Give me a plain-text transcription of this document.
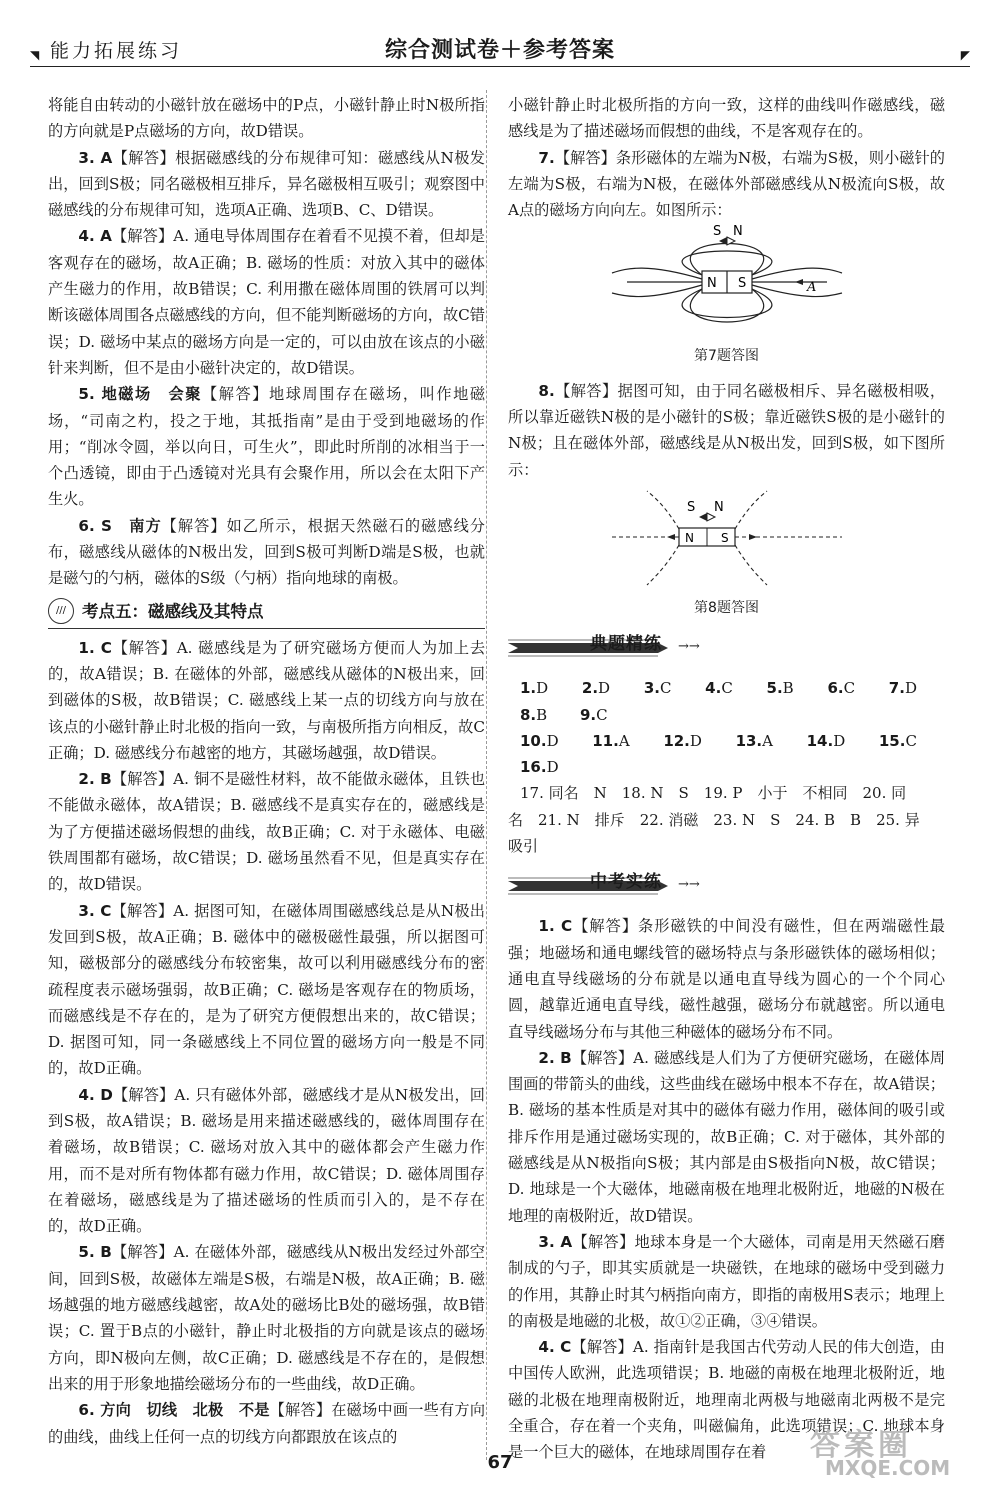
◥ 能力拓展练习	综合测试卷＋参考答案	◤

将能自由转动的小磁针放在磁场中的P点，小磁针静止时N极所指的方向就是P点磁场的方向，故D错误。

3. A【解答】根据磁感线的分布规律可知：磁感线从N极发出，回到S极；同名磁极相互排斥，异名磁极相互吸引；观察图中磁感线的分布规律可知，选项A正确、选项B、C、D错误。

4. A【解答】A. 通电导体周围存在着看不见摸不着，但却是客观存在的磁场，故A正确；B. 磁场的性质：对放入其中的磁体产生磁力的作用，故B错误；C. 利用撒在磁体周围的铁屑可以判断该磁体周围各点磁感线的方向，但不能判断磁场的方向，故C错误；D. 磁场中某点的磁场方向是一定的，可以由放在该点的小磁针来判断，但不是由小磁针决定的，故D错误。

5. 地磁场　会聚【解答】地球周围存在磁场，叫作地磁场，“司南之杓，投之于地，其抵指南”是由于受到地磁场的作用；“削冰令圆，举以向日，可生火”，即此时所削的冰相当于一个凸透镜，即由于凸透镜对光具有会聚作用，所以会在太阳下产生火。

6. S　南方【解答】如乙所示，根据天然磁石的磁感线分布，磁感线从磁体的N极出发，回到S极可判断D端是S极，也就是磁勺的勺柄，磁体的S级（勺柄）指向地球的南极。

/// 考点五：磁感线及其特点

1. C【解答】A. 磁感线是为了研究磁场方便而人为加上去的，故A错误；B. 在磁体的外部，磁感线从磁体的N极出来，回到磁体的S极，故B错误；C. 磁感线上某一点的切线方向与放在该点的小磁针静止时北极的指向一致，与南极所指方向相反，故C正确；D. 磁感线分布越密的地方，其磁场越强，故D错误。

2. B【解答】A. 铜不是磁性材料，故不能做永磁体，且铁也不能做永磁体，故A错误；B. 磁感线不是真实存在的，磁感线是为了方便描述磁场假想的曲线，故B正确；C. 对于永磁体、电磁铁周围都有磁场，故C错误；D. 磁场虽然看不见，但是真实存在的，故D错误。

3. C【解答】A. 据图可知，在磁体周围磁感线总是从N极出发回到S极，故A正确；B. 磁体中的磁极磁性最强，所以据图可知，磁极部分的磁感线分布较密集，故可以利用磁感线分布的密疏程度表示磁场强弱，故B正确；C. 磁场是客观存在的物质场，而磁感线是不存在的，是为了研究方便假想出来的，故C错误；D. 据图可知，同一条磁感线上不同位置的磁场方向一般是不同的，故D正确。

4. D【解答】A. 只有磁体外部，磁感线才是从N极发出，回到S极，故A错误；B. 磁场是用来描述磁感线的，磁体周围存在着磁场，故B错误；C. 磁场对放入其中的磁体都会产生磁力作用，而不是对所有物体都有磁力作用，故C错误；D. 磁体周围存在着磁场，磁感线是为了描述磁场的性质而引入的，是不存在的，故D正确。

5. B【解答】A. 在磁体外部，磁感线从N极出发经过外部空间，回到S极，故磁体左端是S极，右端是N极，故A正确；B. 磁场越强的地方磁感线越密，故A处的磁场比B处的磁场强，故B错误；C. 置于B点的小磁针，静止时北极指的方向就是该点的磁场方向，即N极向左侧，故C正确；D. 磁感线是不存在的，是假想出来的用于形象地描绘磁场分布的一些曲线，故D正确。

6. 方向　切线　北极　不是【解答】在磁场中画一些有方向的曲线，曲线上任何一点的切线方向都跟放在该点的

小磁针静止时北极所指的方向一致，这样的曲线叫作磁感线，磁感线是为了描述磁场而假想的曲线，不是客观存在的。

7.【解答】条形磁体的左端为N极，右端为S极，则小磁针的左端为S极，右端为N极，在磁体外部磁感线从N极流向S极，故A点的磁场方向向左。如图所示：

S N
N S	A
第7题答图

8.【解答】据图可知，由于同名磁极相斥、异名磁极相吸，所以靠近磁铁N极的是小磁针的S极；靠近磁铁S极的是小磁针的N极；且在磁体外部，磁感线是从N极出发，回到S极，如下图所示：

S N
N S
第8题答图
典题精练 →→
1.D 2.D 3.C 4.C 5.B 6.C 7.D 8.B 9.C
10.D 11.A 12.D 13.A 14.D 15.C 16.D
17. 同名　N　18. N　S　19. P　小于　不相同　20. 同
名　21. N　排斥　22. 消磁　23. N　S　24. B　B　25. 异
吸引
中考实练 →→

1. C【解答】条形磁铁的中间没有磁性，但在两端磁性最强；地磁场和通电螺线管的磁场特点与条形磁铁体的磁场相似；通电直导线磁场的分布就是以通电直导线为圆心的一个个同心圆，越靠近通电直导线，磁性越强，磁场分布就越密。所以通电直导线磁场分布与其他三种磁体的磁场分布不同。

2. B【解答】A. 磁感线是人们为了方便研究磁场，在磁体周围画的带箭头的曲线，这些曲线在磁场中根本不存在，故A错误；B. 磁场的基本性质是对其中的磁体有磁力作用，磁体间的吸引或排斥作用是通过磁场实现的，故B正确；C. 对于磁体，其外部的磁感线是从N极指向S极；其内部是由S极指向N极，故C错误；D. 地球是一个大磁体，地磁南极在地理北极附近，地磁的N极在地理的南极附近，故D错误。

3. A【解答】地球本身是一个大磁体，司南是用天然磁石磨制成的勺子，即其实质就是一块磁铁，在地球的磁场中受到磁力的作用，其静止时其勺柄指向南方，即指的南极用S表示；地理上的南极是地磁的北极，故①②正确，③④错误。

4. C【解答】A. 指南针是我国古代劳动人民的伟大创造，由中国传人欧洲，此选项错误；B. 地磁的南极在地理北极附近，地磁的北极在地理南极附近，地理南北两极与地磁南北两极不是完全重合，存在着一个夹角，叫磁偏角，此选项错误；C. 地球本身是一个巨大的磁体，在地球周围存在着

67	答案圈
MXQE.COM
